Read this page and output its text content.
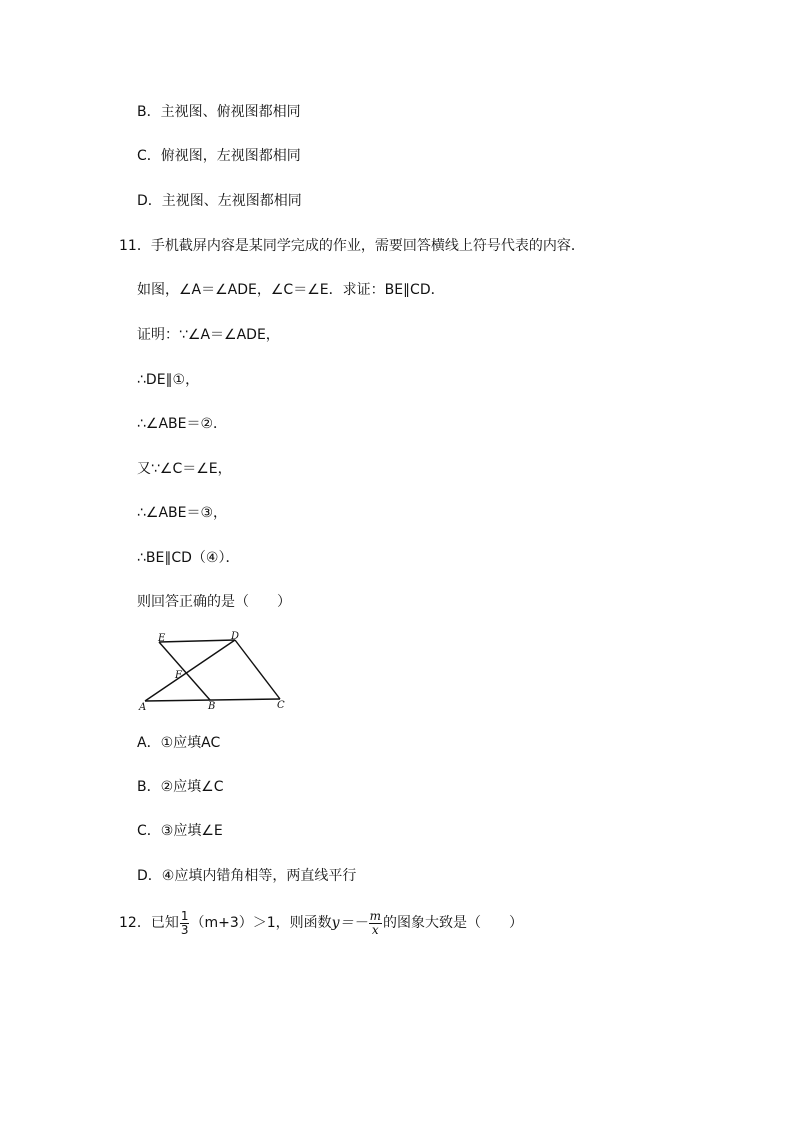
B．主视图、俯视图都相同
C．俯视图，左视图都相同
D．主视图、左视图都相同
11．手机截屏内容是某同学完成的作业，需要回答横线上符号代表的内容．
如图，∠A＝∠ADE，∠C＝∠E．求证：BE∥CD．
证明：∵∠A＝∠ADE，
∴DE∥①，
∴∠ABE＝②．
又∵∠C＝∠E，
∴∠ABE＝③，
∴BE∥CD（④）．
则回答正确的是（　　）
E	D
F
A	B	C
A．①应填AC
B．②应填∠C
C．③应填∠E
D．④应填内错角相等，两直线平行
12．已知 $\frac{1}{3} (m+3)>1$，则函数$y=- \frac{m}{x}$ 的图象大致是（　　）
